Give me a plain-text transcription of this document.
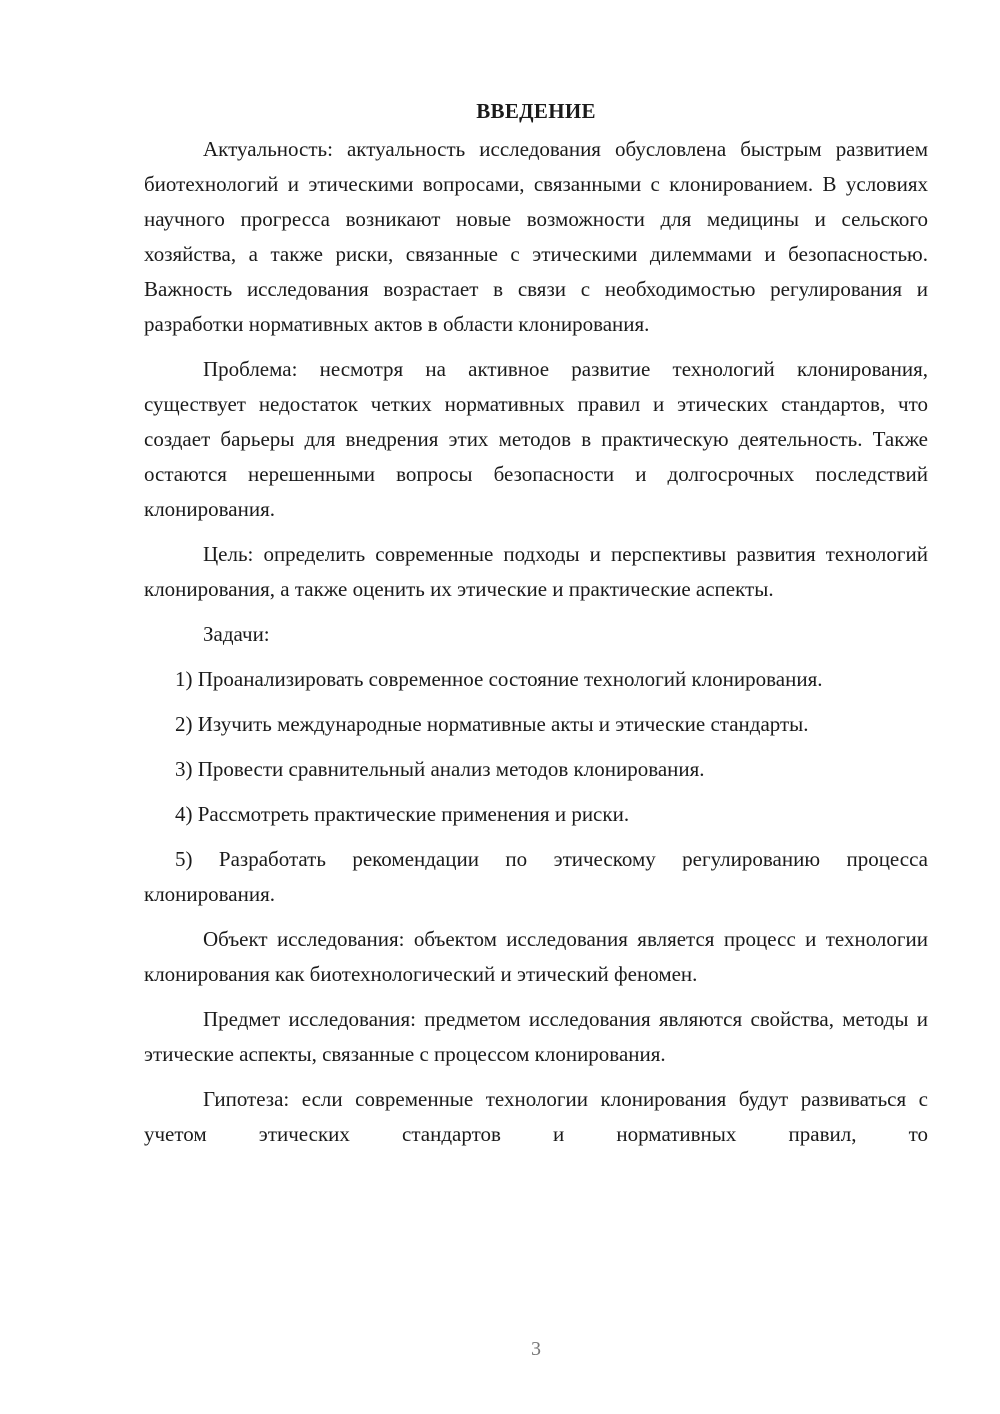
ВВЕДЕНИЕ

Актуальность: актуальность исследования обусловлена быстрым развитием биотехнологий и этическими вопросами, связанными с клонированием. В условиях научного прогресса возникают новые возможности для медицины и сельского хозяйства, а также риски, связанные с этическими дилеммами и безопасностью. Важность исследования возрастает в связи с необходимостью регулирования и разработки нормативных актов в области клонирования.

Проблема: несмотря на активное развитие технологий клонирования, существует недостаток четких нормативных правил и этических стандартов, что создает барьеры для внедрения этих методов в практическую деятельность. Также остаются нерешенными вопросы безопасности и долгосрочных последствий клонирования.

Цель: определить современные подходы и перспективы развития технологий клонирования, а также оценить их этические и практические аспекты.

Задачи:

1) Проанализировать современное состояние технологий клонирования.

2) Изучить международные нормативные акты и этические стандарты.

3) Провести сравнительный анализ методов клонирования.

4) Рассмотреть практические применения и риски.

5) Разработать рекомендации по этическому регулированию процесса клонирования.

Объект исследования: объектом исследования является процесс и технологии клонирования как биотехнологический и этический феномен.

Предмет исследования: предметом исследования являются свойства, методы и этические аспекты, связанные с процессом клонирования.

Гипотеза: если современные технологии клонирования будут развиваться с учетом этических стандартов и нормативных правил, то

3
